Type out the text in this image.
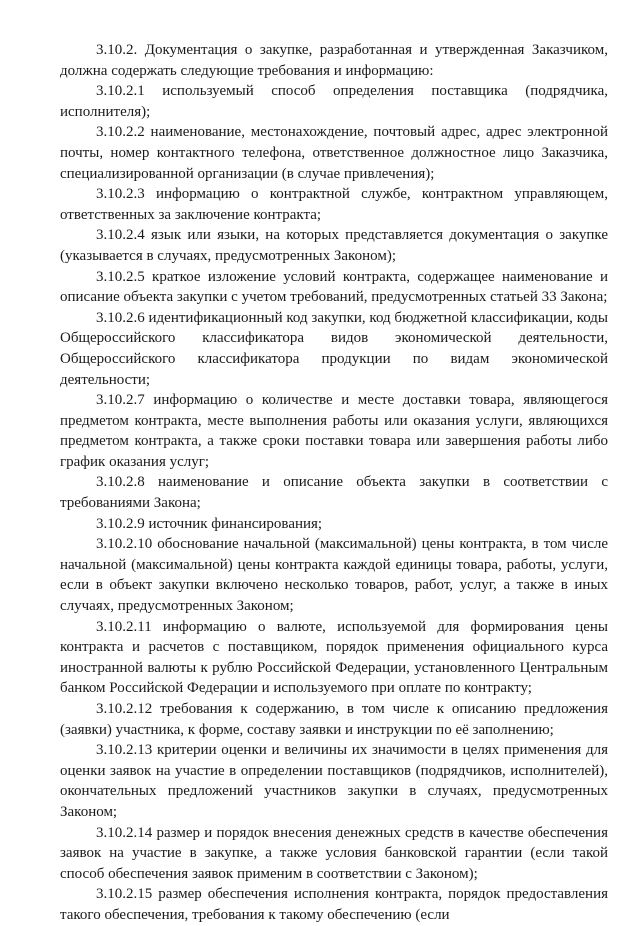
3.10.2. Документация о закупке, разработанная и утвержденная Заказчиком, должна содержать следующие требования и информацию:

3.10.2.1 используемый способ определения поставщика (подрядчика, исполнителя);

3.10.2.2 наименование, местонахождение, почтовый адрес, адрес электронной почты, номер контактного телефона, ответственное должностное лицо Заказчика, специализированной организации (в случае привлечения);

3.10.2.3 информацию о контрактной службе, контрактном управляющем, ответственных за заключение контракта;

3.10.2.4 язык или языки, на которых представляется документация о закупке (указывается в случаях, предусмотренных Законом);

3.10.2.5 краткое изложение условий контракта, содержащее наименование и описание объекта закупки с учетом требований, предусмотренных статьей 33 Закона;

3.10.2.6 идентификационный код закупки, код бюджетной классификации, коды Общероссийского классификатора видов экономической деятельности, Общероссийского классификатора продукции по видам экономической деятельности;

3.10.2.7 информацию о количестве и месте доставки товара, являющегося предметом контракта, месте выполнения работы или оказания услуги, являющихся предметом контракта, а также сроки поставки товара или завершения работы либо график оказания услуг;

3.10.2.8 наименование и описание объекта закупки в соответствии с требованиями Закона;

3.10.2.9 источник финансирования;

3.10.2.10 обоснование начальной (максимальной) цены контракта, в том числе начальной (максимальной) цены контракта каждой единицы товара, работы, услуги, если в объект закупки включено несколько товаров, работ, услуг, а также в иных случаях, предусмотренных Законом;

3.10.2.11 информацию о валюте, используемой для формирования цены контракта и расчетов с поставщиком, порядок применения официального курса иностранной валюты к рублю Российской Федерации, установленного Центральным банком Российской Федерации и используемого при оплате по контракту;

3.10.2.12 требования к содержанию, в том числе к описанию предложения (заявки) участника, к форме, составу заявки и инструкции по её заполнению;

3.10.2.13 критерии оценки и величины их значимости в целях применения для оценки заявок на участие в определении поставщиков (подрядчиков, исполнителей), окончательных предложений участников закупки в случаях, предусмотренных Законом;

3.10.2.14 размер и порядок внесения денежных средств в качестве обеспечения заявок на участие в закупке, а также условия банковской гарантии (если такой способ обеспечения заявок применим в соответствии с Законом);

3.10.2.15 размер обеспечения исполнения контракта, порядок предоставления такого обеспечения, требования к такому обеспечению (если
